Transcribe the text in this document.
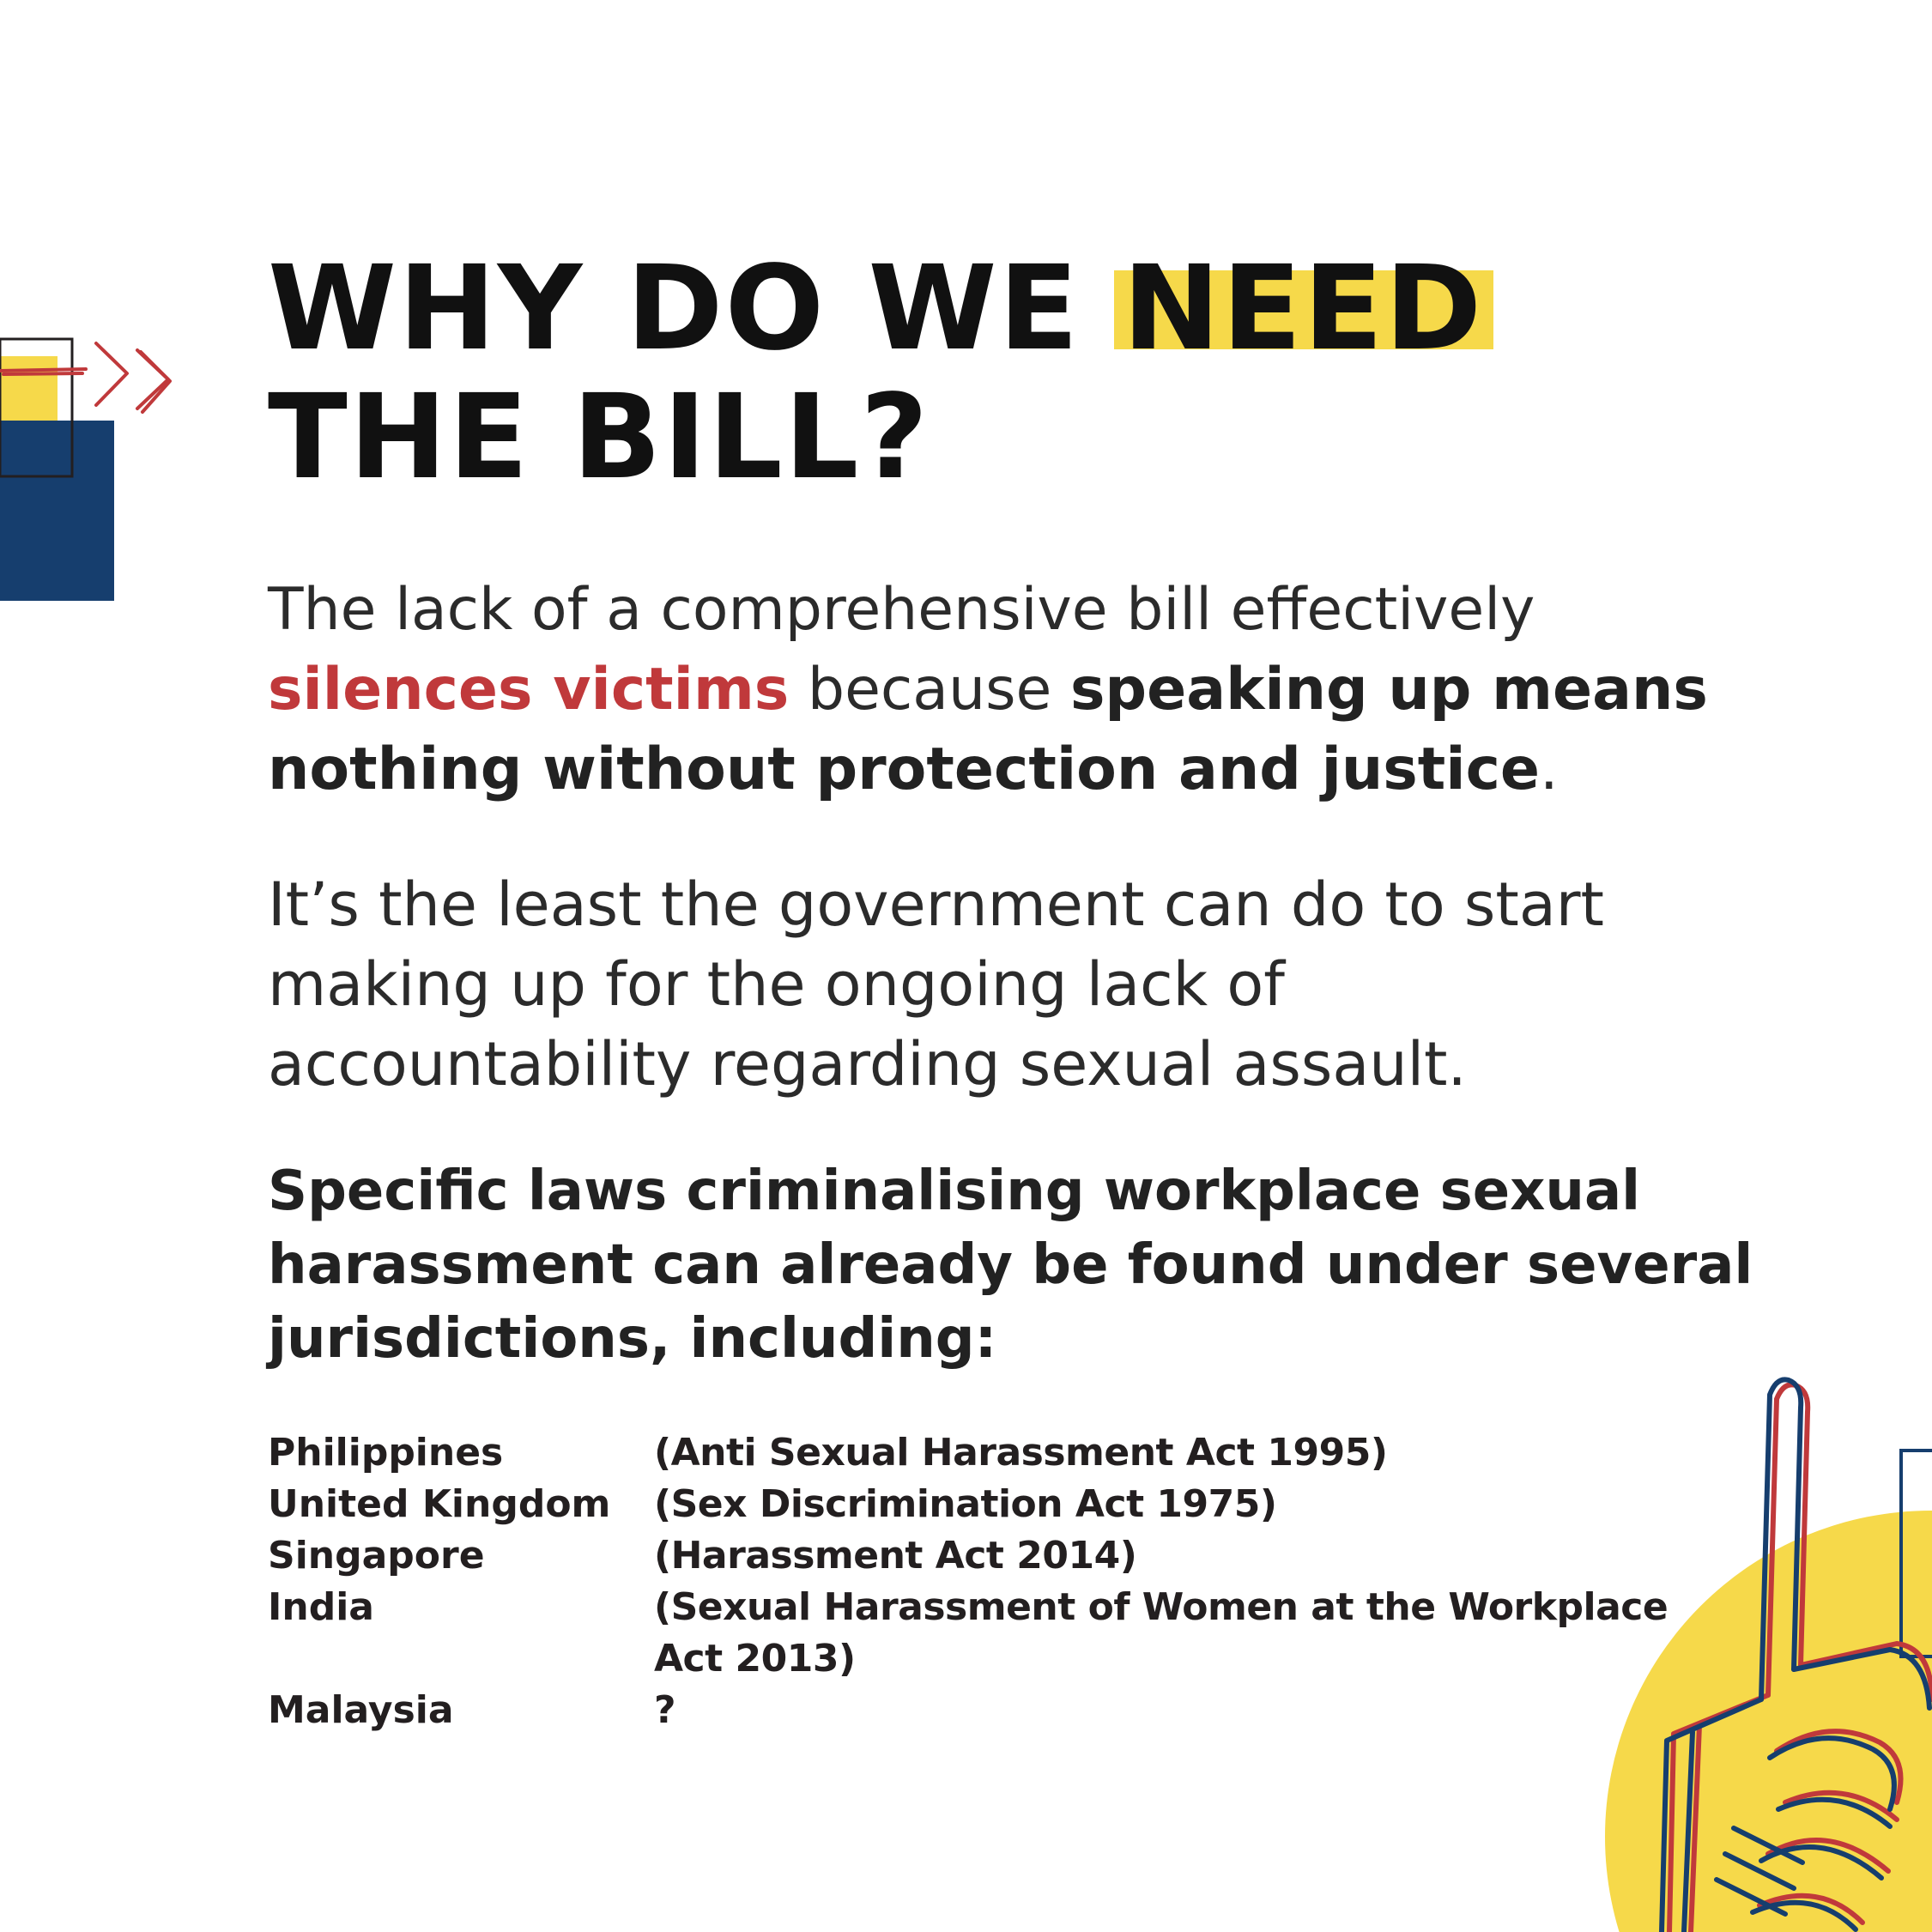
WHY DO WE NEED
THE BILL?

The lack of a comprehensive bill effectively
silences victims because speaking up means
nothing without protection and justice.

It’s the least the government can do to start
making up for the ongoing lack of
accountability regarding sexual assault.

Specific laws criminalising workplace sexual
harassment can already be found under several
jurisdictions, including:

Philippines	(Anti Sexual Harassment Act 1995)
United Kingdom	(Sex Discrimination Act 1975)
Singapore	(Harassment Act 2014)
India	(Sexual Harassment of Women at the Workplace Act 2013)
Malaysia	?
